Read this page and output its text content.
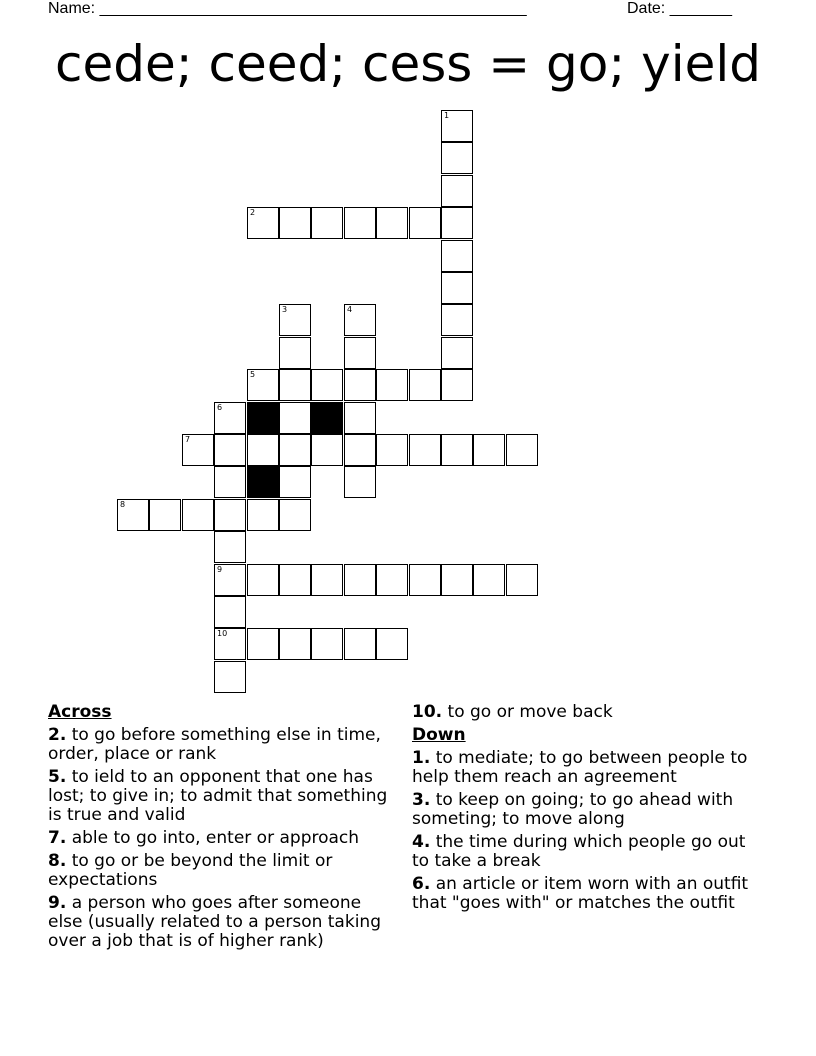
Name: ________________________________________________	Date: _______
cede; ceed; cess = go; yield
1
2
3	4
5
6
9
10
7
8
Across
2. to go before something else in time, order, place or rank
5. to ield to an opponent that one has lost; to give in; to admit that something is true and valid
7. able to go into, enter or approach
8. to go or be beyond the limit or expectations
9. a person who goes after someone else (usually related to a person taking over a job that is of higher rank)
10. to go or move back
Down
1. to mediate; to go between people to help them reach an agreement
3. to keep on going; to go ahead with someting; to move along
4. the time during which people go out to take a break
6. an article or item worn with an outfit that "goes with" or matches the outfit
